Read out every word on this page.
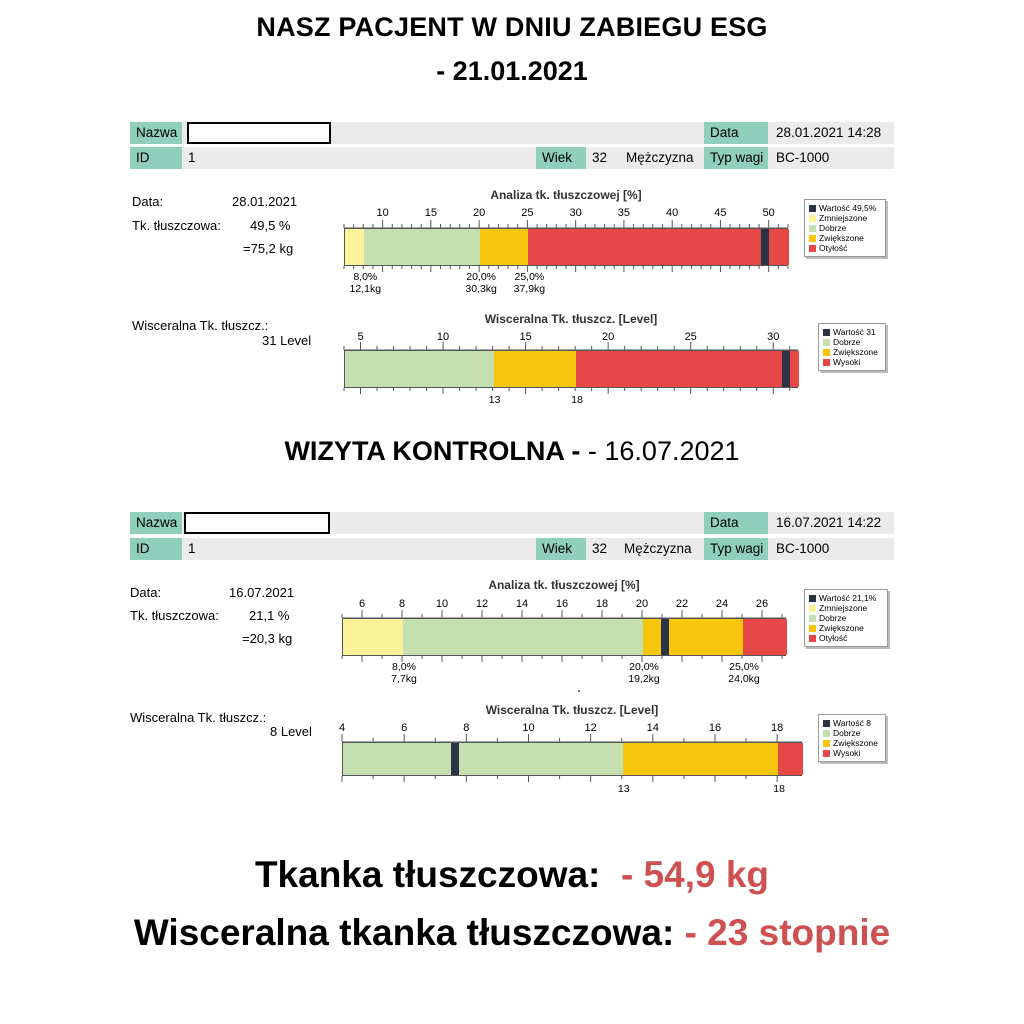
NASZ PACJENT W DNIU ZABIEGU ESG
- 21.01.2021
Nazwa	Data	28.01.2021 14:28
ID	1	Wiek	32	Mężczyzna	Typ wagi BC-1000
Data:	28.01.2021
Tk. tłuszczowa: 49,5 %
=75,2 kg
Wisceralna Tk. tłuszcz.:
31 Level
Analiza tk. tłuszczowej [%]
Wartość 49,5%
Zmniejszone
Dobrze
Zwiększone
Otyłość
Wisceralna Tk. tłuszcz. [Level]
Wartość 31
Dobrze
Zwiększone
Wysoki
WIZYTA KONTROLNA - - 16.07.2021
Nazwa	Data	16.07.2021 14:22
ID	1	Wiek	32	Mężczyzna	Typ wagi BC-1000
Data:	16.07.2021
Tk. tłuszczowa: 21,1 %
=20,3 kg
Wisceralna Tk. tłuszcz.:
8 Level
Analiza tk. tłuszczowej [%]
Wartość 21,1%
Zmniejszone
Dobrze
Zwiększone
Otyłość
Wisceralna Tk. tłuszcz. [Level]
Wartość 8
Dobrze
Zwiększone
Wysoki
Tkanka tłuszczowa: - 54,9 kg
Wisceralna tkanka tłuszczowa: - 23 stopnie
10	15	20	25	30	35	40	45	50
8,0%
12,1kg
20,0%
30,3kg
25,0%
37,9kg
5	10	15	20	25	30
13	18
6	8	10	12	14	16	18	20	22	24	26
8,0%
7,7kg
20,0%
19,2kg
25,0%
24,0kg
4	6	8	10	12	14	16	18
13	18
